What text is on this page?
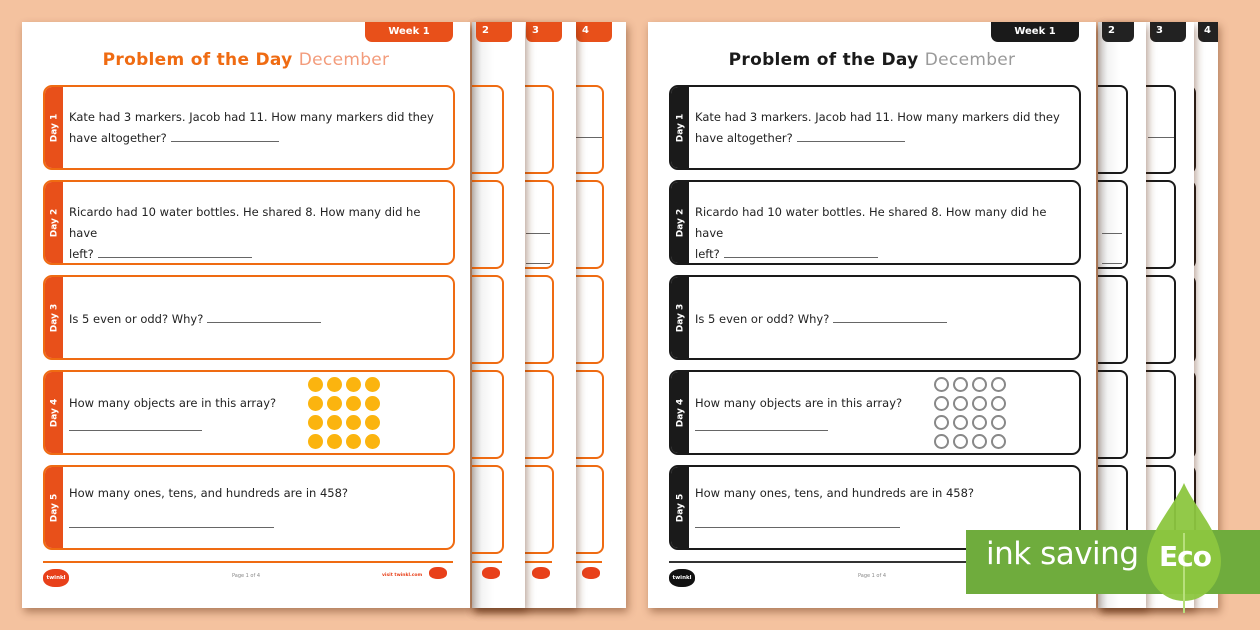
4
3
2
Week 1
Problem of the Day December
Day 1 Kate had 3 markers. Jacob had 11. How many markers did they
have altogether?
Day 2 Ricardo had 10 water bottles. He shared 8. How many did he have
left?
Day 3 Is 5 even or odd? Why?
Day 4 How many objects are in this array?
Day 5
How many ones, tens, and hundreds are in 458?
twinkl	Page 1 of 4	visit twinkl.com
4
3
2
Week 1
Problem of the Day December
Day 1 Kate had 3 markers. Jacob had 11. How many markers did they
have altogether?
Day 2 Ricardo had 10 water bottles. He shared 8. How many did he have
left?
Day 3 Is 5 even or odd? Why?
Day 4 How many objects are in this array?
Day 5
How many ones, tens, and hundreds are in 458?
twinkl	Page 1 of 4
ink saving Eco
